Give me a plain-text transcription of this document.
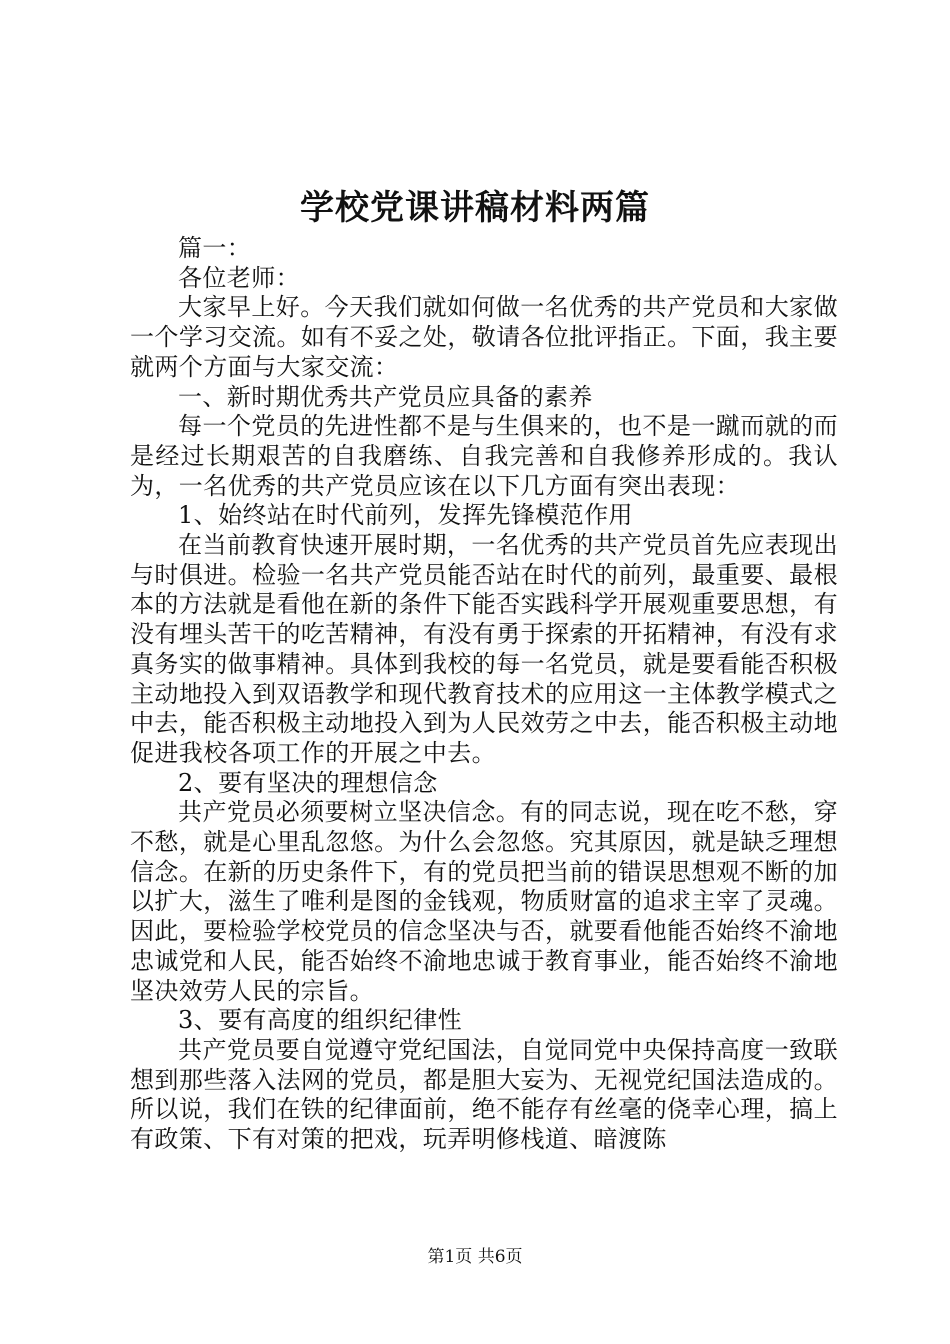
学校党课讲稿材料两篇

篇一：

各位老师：

大家早上好。今天我们就如何做一名优秀的共产党员和大家做一个学习交流。如有不妥之处，敬请各位批评指正。下面，我主要就两个方面与大家交流：

一、新时期优秀共产党员应具备的素养

每一个党员的先进性都不是与生俱来的，也不是一蹴而就的而是经过长期艰苦的自我磨练、自我完善和自我修养形成的。我认为，一名优秀的共产党员应该在以下几方面有突出表现：

1、始终站在时代前列，发挥先锋模范作用

在当前教育快速开展时期，一名优秀的共产党员首先应表现出与时俱进。检验一名共产党员能否站在时代的前列，最重要、最根本的方法就是看他在新的条件下能否实践科学开展观重要思想，有没有埋头苦干的吃苦精神，有没有勇于探索的开拓精神，有没有求真务实的做事精神。具体到我校的每一名党员，就是要看能否积极主动地投入到双语教学和现代教育技术的应用这一主体教学模式之中去，能否积极主动地投入到为人民效劳之中去，能否积极主动地促进我校各项工作的开展之中去。

2、要有坚决的理想信念

共产党员必须要树立坚决信念。有的同志说，现在吃不愁，穿不愁，就是心里乱忽悠。为什么会忽悠。究其原因，就是缺乏理想信念。在新的历史条件下，有的党员把当前的错误思想观不断的加以扩大，滋生了唯利是图的金钱观，物质财富的追求主宰了灵魂。因此，要检验学校党员的信念坚决与否，就要看他能否始终不渝地忠诚党和人民，能否始终不渝地忠诚于教育事业，能否始终不渝地坚决效劳人民的宗旨。

3、要有高度的组织纪律性

共产党员要自觉遵守党纪国法，自觉同党中央保持高度一致联想到那些落入法网的党员，都是胆大妄为、无视党纪国法造成的。所以说，我们在铁的纪律面前，绝不能存有丝毫的侥幸心理，搞上有政策、下有对策的把戏，玩弄明修栈道、暗渡陈

第1页 共6页
